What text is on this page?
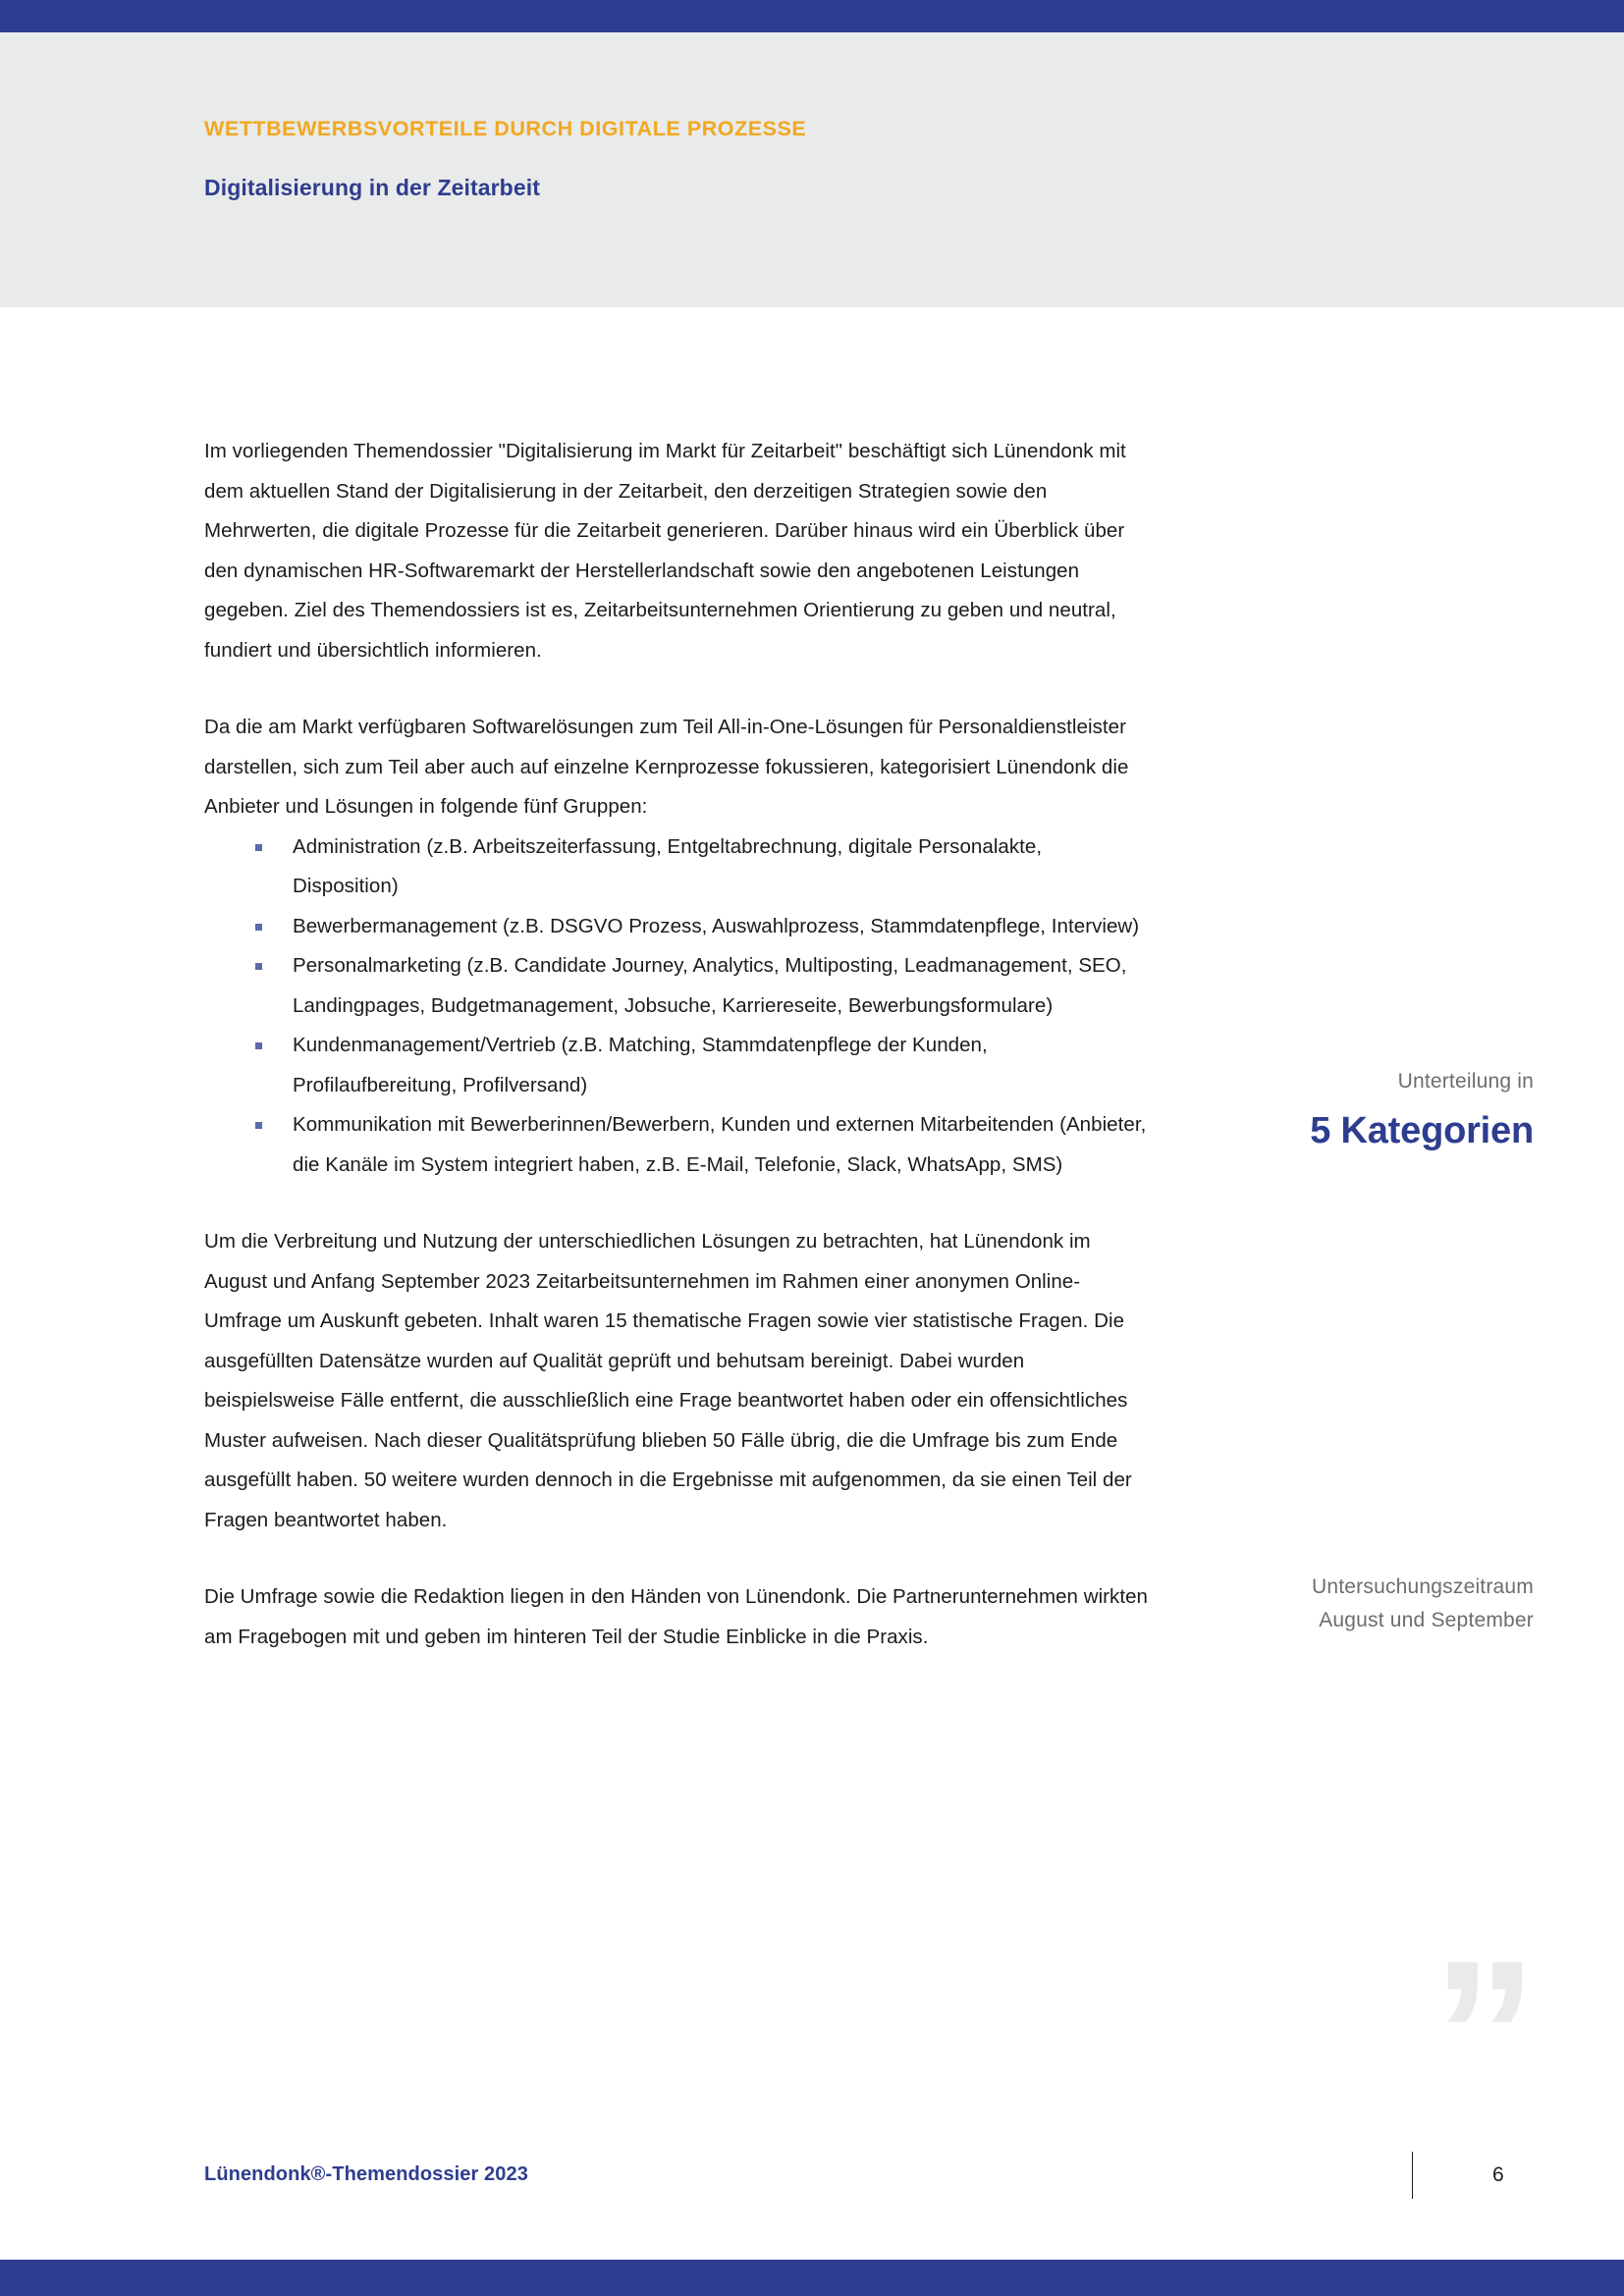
WETTBEWERBSVORTEILE DURCH DIGITALE PROZESSE
Digitalisierung in der Zeitarbeit

Im vorliegenden Themendossier "Digitalisierung im Markt für Zeitarbeit" beschäftigt sich Lünendonk mit dem aktuellen Stand der Digitalisierung in der Zeitarbeit, den derzeitigen Strategien sowie den Mehrwerten, die digitale Prozesse für die Zeitarbeit generieren. Darüber hinaus wird ein Überblick über den dynamischen HR-Softwaremarkt der Herstellerlandschaft sowie den angebotenen Leistungen gegeben. Ziel des Themendossiers ist es, Zeitarbeitsunternehmen Orientierung zu geben und neutral, fundiert und übersichtlich informieren.

Da die am Markt verfügbaren Softwarelösungen zum Teil All-in-One-Lösungen für Personaldienstleister darstellen, sich zum Teil aber auch auf einzelne Kernprozesse fokussieren, kategorisiert Lünendonk die Anbieter und Lösungen in folgende fünf Gruppen:

Administration (z.B. Arbeitszeiterfassung, Entgeltabrechnung, digitale Personalakte, Disposition)
Bewerbermanagement (z.B. DSGVO Prozess, Auswahlprozess, Stammdatenpflege, Interview)
Personalmarketing (z.B. Candidate Journey, Analytics, Multiposting, Leadmanagement, SEO, Landingpages, Budgetmanagement, Jobsuche, Karriereseite, Bewerbungsformulare)
Kundenmanagement/Vertrieb (z.B. Matching, Stammdatenpflege der Kunden, Profilaufbereitung, Profilversand)
Kommunikation mit Bewerberinnen/Bewerbern, Kunden und externen Mitarbeitenden (Anbieter, die Kanäle im System integriert haben, z.B. E-Mail, Telefonie, Slack, WhatsApp, SMS)

Um die Verbreitung und Nutzung der unterschiedlichen Lösungen zu betrachten, hat Lünendonk im August und Anfang September 2023 Zeitarbeitsunternehmen im Rahmen einer anonymen Online-Umfrage um Auskunft gebeten. Inhalt waren 15 thematische Fragen sowie vier statistische Fragen. Die ausgefüllten Datensätze wurden auf Qualität geprüft und behutsam bereinigt. Dabei wurden beispielsweise Fälle entfernt, die ausschließlich eine Frage beantwortet haben oder ein offensichtliches Muster aufweisen. Nach dieser Qualitätsprüfung blieben 50 Fälle übrig, die die Umfrage bis zum Ende ausgefüllt haben. 50 weitere wurden dennoch in die Ergebnisse mit aufgenommen, da sie einen Teil der Fragen beantwortet haben.

Die Umfrage sowie die Redaktion liegen in den Händen von Lünendonk. Die Partnerunternehmen wirkten am Fragebogen mit und geben im hinteren Teil der Studie Einblicke in die Praxis.

Unterteilung in
5 Kategorien
Untersuchungszeitraum
August und September
”
Lünendonk®-Themendossier 2023	6
